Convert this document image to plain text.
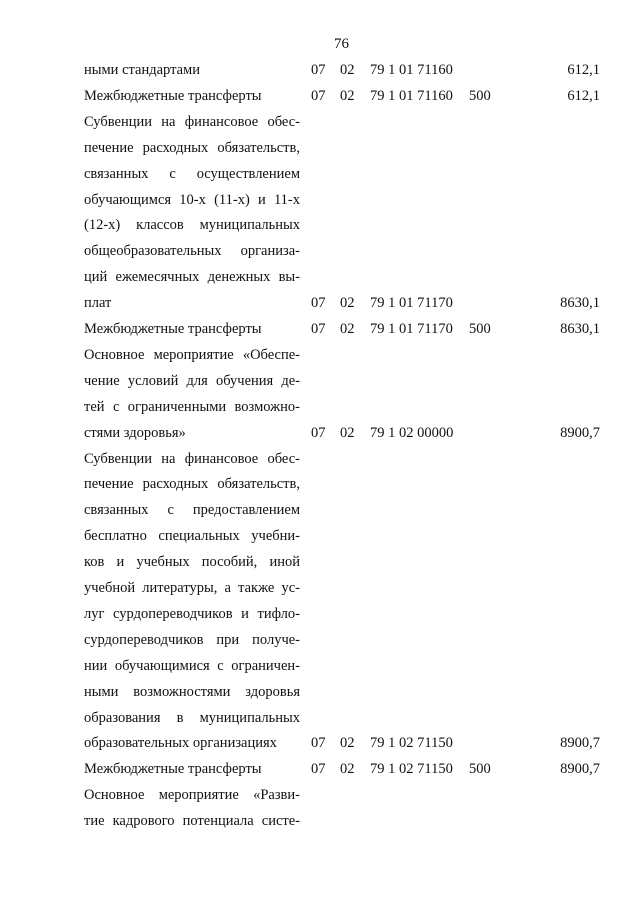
76
ными стандартами	07 02 79 1 01 71160	612,1
Межбюджетные трансферты	07 02 79 1 01 71160 500	612,1
Субвенции на финансовое обес-
печение расходных обязательств,
связанных с осуществлением
обучающимся 10-х (11-х) и 11-х
(12-х) классов муниципальных
общеобразовательных организа-
ций ежемесячных денежных вы-
плат	07 02 79 1 01 71170	8630,1
Межбюджетные трансферты	07 02 79 1 01 71170 500	8630,1
Основное мероприятие «Обеспе-
чение условий для обучения де-
тей с ограниченными возможно-
стями здоровья»	07 02 79 1 02 00000	8900,7
Субвенции на финансовое обес-
печение расходных обязательств,
связанных с предоставлением
бесплатно специальных учебни-
ков и учебных пособий, иной
учебной литературы, а также ус-
луг сурдопереводчиков и тифло-
сурдопереводчиков при получе-
нии обучающимися с ограничен-
ными возможностями здоровья
образования в муниципальных
образовательных организациях	07 02 79 1 02 71150	8900,7
Межбюджетные трансферты	07 02 79 1 02 71150 500	8900,7
Основное мероприятие «Разви-
тие кадрового потенциала систе-
